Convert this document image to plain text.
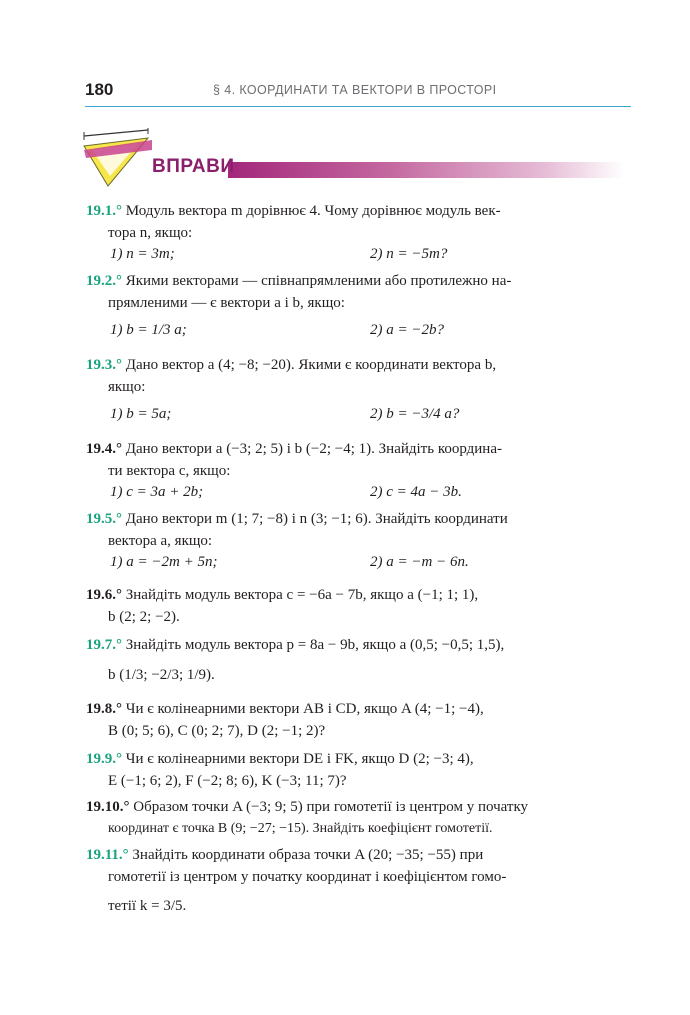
180	§ 4. КООРДИНАТИ ТА ВЕКТОРИ В ПРОСТОРІ
ВПРАВИ
19.1.° Модуль вектора m дорівнює 4. Чому дорівнює модуль век-
тора n, якщо:
1) n = 3m;	2) n = −5m?
19.2.° Якими векторами — співнапрямленими або протилежно на-
прямленими — є вектори a і b, якщо:
1) b = 1/3 a;	2) a = −2b?
19.3.° Дано вектор a (4; −8; −20). Якими є координати вектора b,
якщо:
1) b = 5a;	2) b = −3/4 a?
19.4.° Дано вектори a (−3; 2; 5) і b (−2; −4; 1). Знайдіть координа-
ти вектора c, якщо:
1) c = 3a + 2b;	2) c = 4a − 3b.
19.5.° Дано вектори m (1; 7; −8) і n (3; −1; 6). Знайдіть координати
вектора a, якщо:
1) a = −2m + 5n;	2) a = −m − 6n.
19.6.° Знайдіть модуль вектора c = −6a − 7b, якщо a (−1; 1; 1),
b (2; 2; −2).
19.7.° Знайдіть модуль вектора p = 8a − 9b, якщо a (0,5; −0,5; 1,5),
b (1/3; −2/3; 1/9).
19.8.° Чи є колінеарними вектори AB і CD, якщо A (4; −1; −4),
B (0; 5; 6), C (0; 2; 7), D (2; −1; 2)?
19.9.° Чи є колінеарними вектори DE і FK, якщо D (2; −3; 4),
E (−1; 6; 2), F (−2; 8; 6), K (−3; 11; 7)?
19.10.° Образом точки A (−3; 9; 5) при гомотетії із центром у початку
координат є точка B (9; −27; −15). Знайдіть коефіцієнт гомотетії.
19.11.° Знайдіть координати образа точки A (20; −35; −55) при
гомотетії із центром у початку координат і коефіцієнтом гомо-
тетії k = 3/5.
